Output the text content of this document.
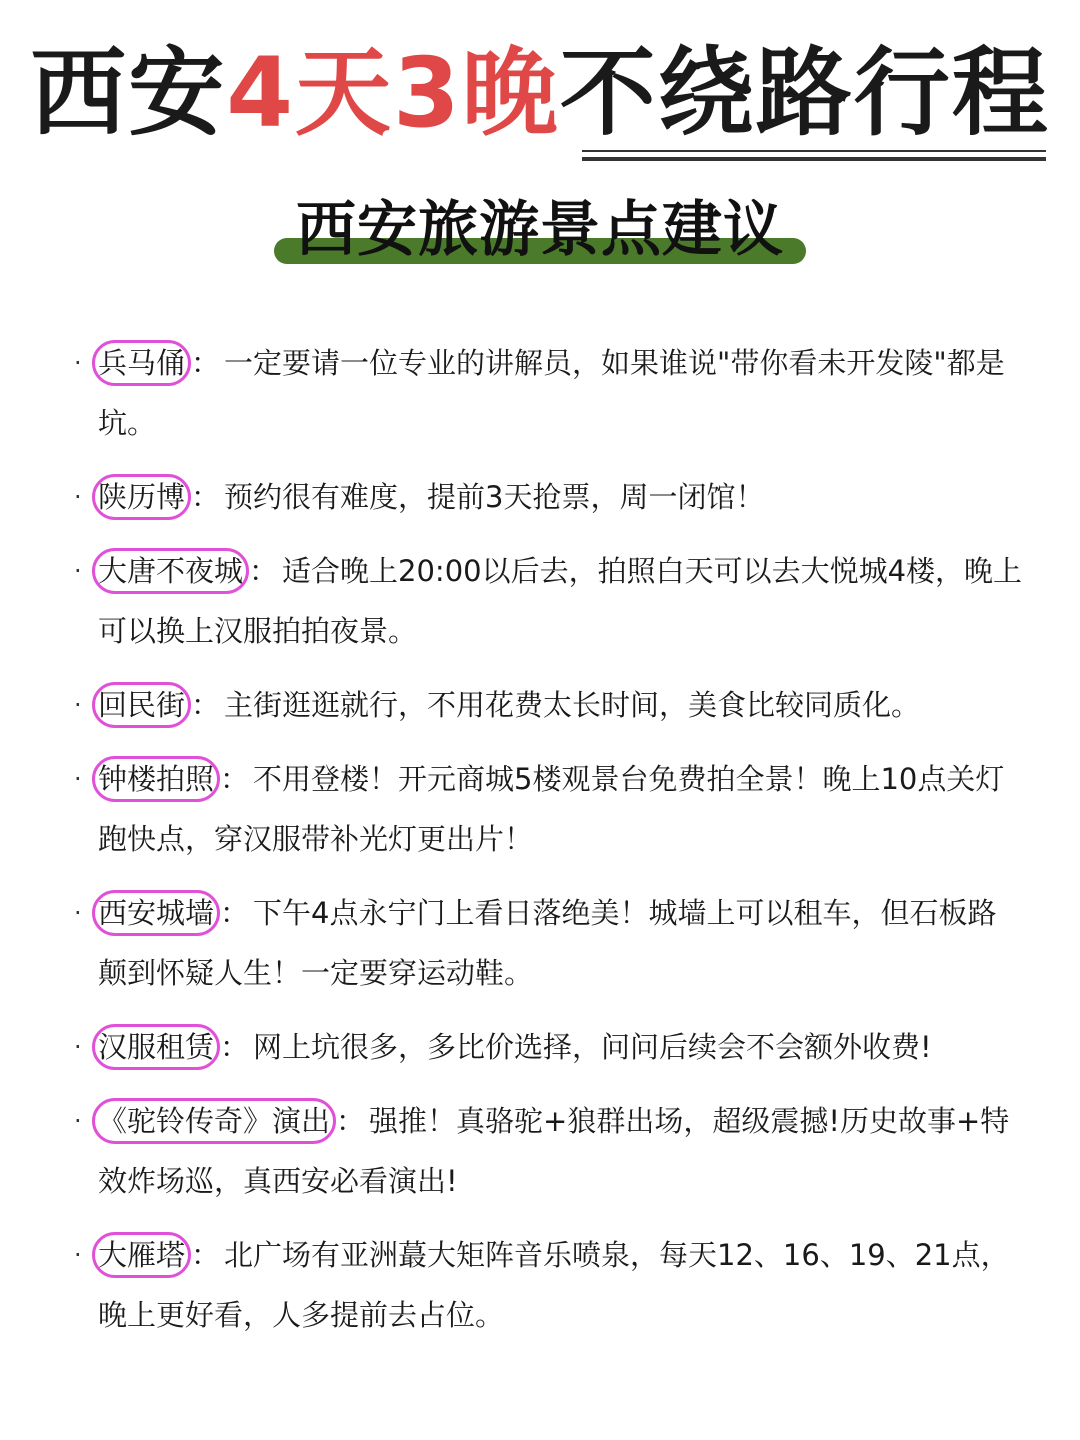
西安4天3晚不绕路行程
西安旅游景点建议
· 兵马俑 ： 一定要请一位专业的讲解员，如果谁说"带你看未开发陵"都是坑。
· 陕历博 ： 预约很有难度，提前3天抢票，周一闭馆！
· 大唐不夜城 ： 适合晚上20:00以后去，拍照白天可以去大悦城4楼，晚上可以换上汉服拍拍夜景。
· 回民街 ： 主街逛逛就行，不用花费太长时间，美食比较同质化。
· 钟楼拍照 ： 不用登楼！开元商城5楼观景台免费拍全景！晚上10点关灯跑快点，穿汉服带补光灯更出片！
· 西安城墙 ： 下午4点永宁门上看日落绝美！城墙上可以租车，但石板路颠到怀疑人生！一定要穿运动鞋。
· 汉服租赁 ： 网上坑很多，多比价选择，问问后续会不会额外收费!
· 《驼铃传奇》演出 ： 强推！真骆驼+狼群出场，超级震撼!历史故事+特效炸场巡，真西安必看演出!
· 大雁塔 ： 北广场有亚洲蕞大矩阵音乐喷泉，每天12、16、19、21点，晚上更好看，人多提前去占位。
